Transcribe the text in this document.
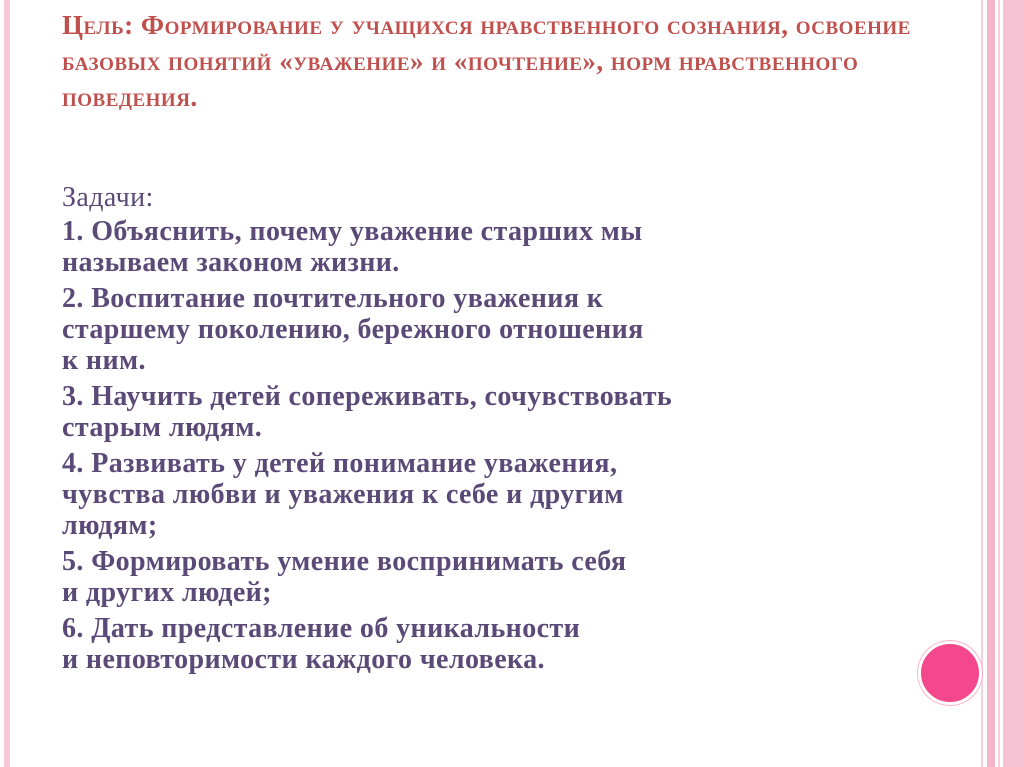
Цель: Формирование у учащихся нравственного сознания, освоение базовых понятий «уважение» и «почтение», норм нравственного поведения.

Задачи:

1. Объяснить, почему уважение старших мы
называем законом жизни.
2. Воспитание почтительного уважения к
старшему поколению, бережного отношения
к ним.
3. Научить детей сопереживать, сочувствовать
старым людям.
4. Развивать у детей понимание уважения,
чувства любви и уважения к себе и другим
людям;
5. Формировать умение воспринимать себя
и других людей;
6. Дать представление об уникальности
и неповторимости каждого человека.
